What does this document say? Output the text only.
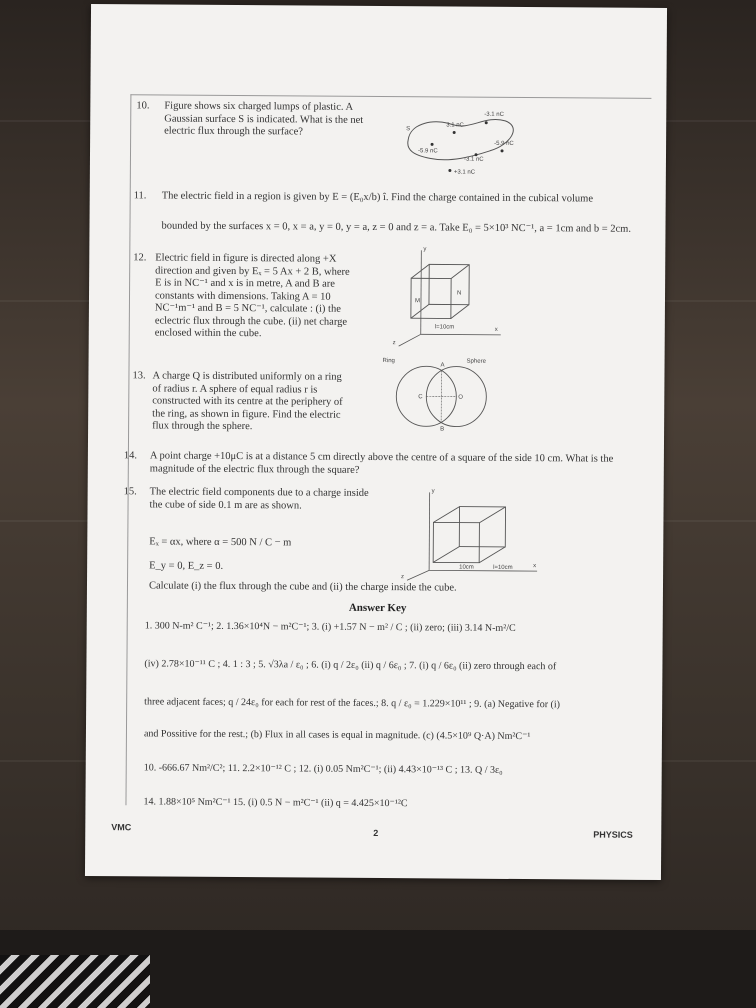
10. Figure shows six charged lumps of plastic. A Gaussian surface S is indicated. What is the net electric flux through the surface?
-3.1 nC
3.1 nC
S
-5.9 nC
-5.9 nC
-3.1 nC
+3.1 nC
11. The electric field in a region is given by E = (E₀x/b) î. Find the charge contained in the cubical volume
bounded by the surfaces x = 0, x = a, y = 0, y = a, z = 0 and z = a. Take E₀ = 5×10³ NC⁻¹, a = 1cm and b = 2cm.
12. Electric field in figure is directed along +X direction and given by Eₓ = 5 Ax + 2 B, where E is in NC⁻¹ and x is in metre, A and B are constants with dimensions. Taking A = 10 NC⁻¹m⁻¹ and B = 5 NC⁻¹, calculate : (i) the eclectric flux through the cube. (ii) net charge enclosed within the cube.
y
M
N
x
z
l=10cm
13. A charge Q is distributed uniformly on a ring of radius r. A sphere of equal radius r is constructed with its centre at the periphery of the ring, as shown in figure. Find the electric flux through the sphere.
Ring	Sphere
A
C	O
B
14. A point charge +10μC is at a distance 5 cm directly above the centre of a square of the side 10 cm. What is the magnitude of the electric flux through the square?
15. The electric field components due to a charge inside the cube of side 0.1 m are as shown.
Eₓ = αx, where α = 500 N / C − m
E_y = 0, E_z = 0.
Calculate (i) the flux through the cube and (ii) the charge inside the cube.
y
10cm	l=10cm	x
z
Answer Key
1. 300 N-m² C⁻¹; 2. 1.36×10⁴N − m²C⁻¹; 3. (i) +1.57 N − m² / C ; (ii) zero; (iii) 3.14 N-m²/C
(iv) 2.78×10⁻¹¹ C ; 4. 1 : 3 ; 5. √3λa / ε₀ ; 6. (i) q / 2ε₀ (ii) q / 6ε₀ ; 7. (i) q / 6ε₀ (ii) zero through each of
three adjacent faces; q / 24ε₀ for each for rest of the faces.; 8. q / ε₀ = 1.229×10¹¹ ; 9. (a) Negative for (i)
and Possitive for the rest.; (b) Flux in all cases is equal in magnitude. (c) (4.5×10⁹ Q·A) Nm²C⁻¹
10. -666.67 Nm²/C²; 11. 2.2×10⁻¹² C ; 12. (i) 0.05 Nm²C⁻¹; (ii) 4.43×10⁻¹³ C ; 13. Q / 3ε₀
14. 1.88×10⁵ Nm²C⁻¹ 15. (i) 0.5 N − m²C⁻¹ (ii) q = 4.425×10⁻¹²C
VMC
2	PHYSICS
